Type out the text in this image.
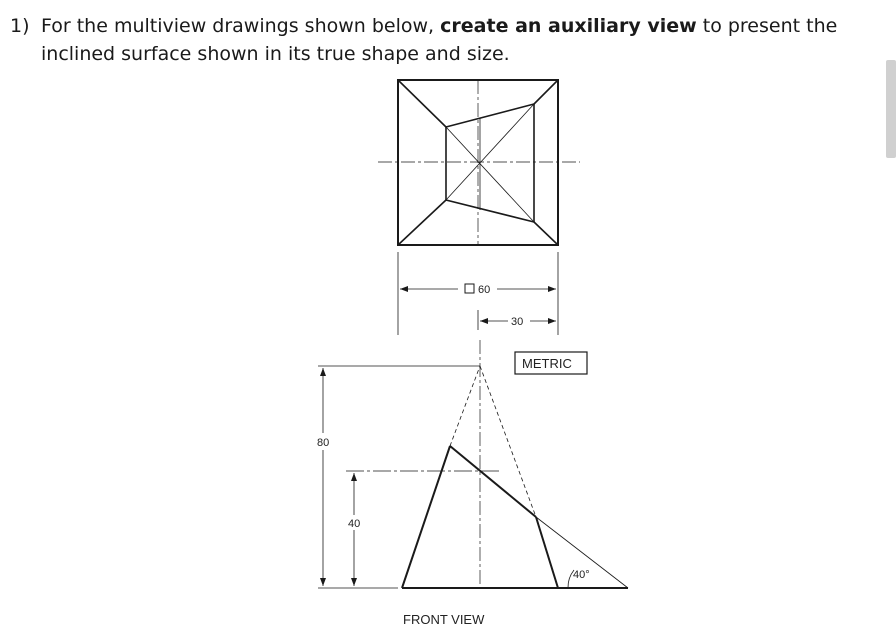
1) For the multiview drawings shown below, create an auxiliary view to present the inclined surface shown in its true shape and size.
60
30
METRIC
40°
80
40
FRONT VIEW
